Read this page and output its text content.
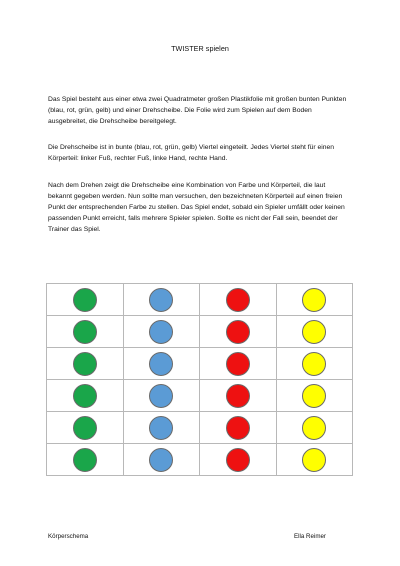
TWISTER spielen

Das Spiel besteht aus einer etwa zwei Quadratmeter großen Plastikfolie mit großen bunten Punkten (blau, rot, grün, gelb) und einer Drehscheibe. Die Folie wird zum Spielen auf dem Boden ausgebreitet, die Drehscheibe bereitgelegt.

Die Drehscheibe ist in bunte (blau, rot, grün, gelb) Viertel eingeteilt. Jedes Viertel steht für einen Körperteil: linker Fuß, rechter Fuß, linke Hand, rechte Hand.

Nach dem Drehen zeigt die Drehscheibe eine Kombination von Farbe und Körperteil, die laut bekannt gegeben werden. Nun sollte man versuchen, den bezeichneten Körperteil auf einen freien Punkt der entsprechenden Farbe zu stellen. Das Spiel endet, sobald ein Spieler umfällt oder keinen passenden Punkt erreicht, falls mehrere Spieler spielen. Sollte es nicht der Fall sein, beendet der Trainer das Spiel.

Körperschema	Ella Reimer
